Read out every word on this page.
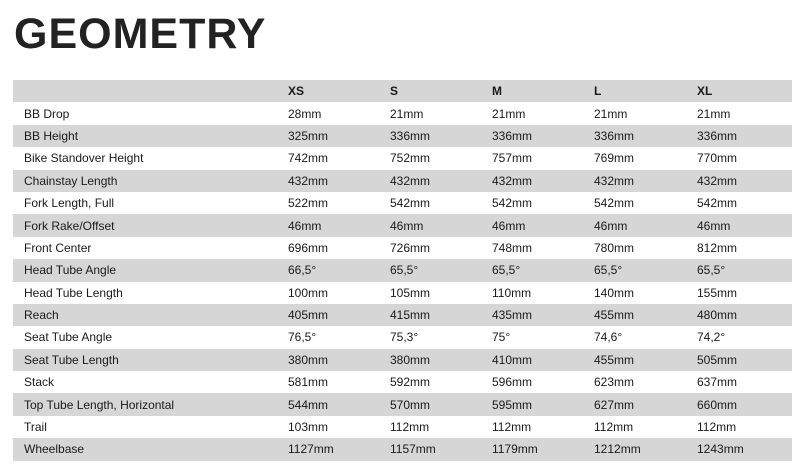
GEOMETRY
	XS	S	M	L	XL
BB Drop	28mm	21mm	21mm	21mm	21mm
BB Height	325mm	336mm	336mm	336mm	336mm
Bike Standover Height	742mm	752mm	757mm	769mm	770mm
Chainstay Length	432mm	432mm	432mm	432mm	432mm
Fork Length, Full	522mm	542mm	542mm	542mm	542mm
Fork Rake/Offset	46mm	46mm	46mm	46mm	46mm
Front Center	696mm	726mm	748mm	780mm	812mm
Head Tube Angle	66,5°	65,5°	65,5°	65,5°	65,5°
Head Tube Length	100mm	105mm	110mm	140mm	155mm
Reach	405mm	415mm	435mm	455mm	480mm
Seat Tube Angle	76,5°	75,3°	75°	74,6°	74,2°
Seat Tube Length	380mm	380mm	410mm	455mm	505mm
Stack	581mm	592mm	596mm	623mm	637mm
Top Tube Length, Horizontal	544mm	570mm	595mm	627mm	660mm
Trail	103mm	112mm	112mm	112mm	112mm
Wheelbase	1127mm	1157mm	1179mm	1212mm	1243mm
